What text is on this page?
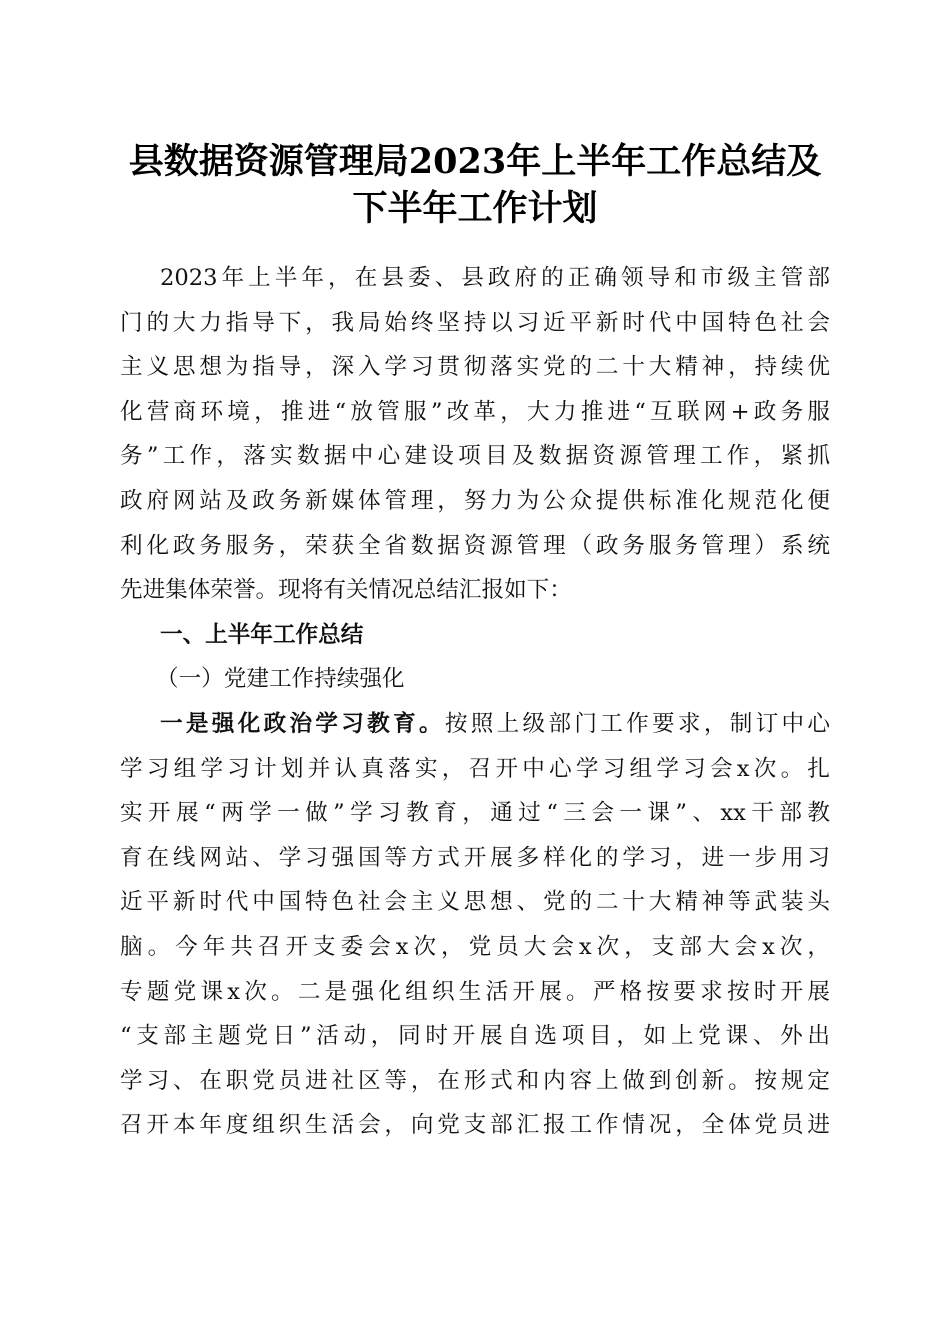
县数据资源管理局2023年上半年工作总结及
下半年工作计划
2023年上半年，在县委、县政府的正确领导和市级主管部
门的大力指导下，我局始终坚持以习近平新时代中国特色社会
主义思想为指导，深入学习贯彻落实党的二十大精神，持续优
化营商环境，推进“放管服”改革，大力推进“互联网+政务服
务”工作，落实数据中心建设项目及数据资源管理工作，紧抓
政府网站及政务新媒体管理，努力为公众提供标准化规范化便
利化政务服务，荣获全省数据资源管理（政务服务管理）系统
先进集体荣誉。现将有关情况总结汇报如下：
一、上半年工作总结
（一）党建工作持续强化
一是强化政治学习教育。按照上级部门工作要求，制订中心
学习组学习计划并认真落实，召开中心学习组学习会x次。扎
实开展“两学一做”学习教育，通过“三会一课”、xx干部教
育在线网站、学习强国等方式开展多样化的学习，进一步用习
近平新时代中国特色社会主义思想、党的二十大精神等武装头
脑。今年共召开支委会x次，党员大会x次，支部大会x次，
专题党课x次。二是强化组织生活开展。严格按要求按时开展
“支部主题党日”活动，同时开展自选项目，如上党课、外出
学习、在职党员进社区等，在形式和内容上做到创新。按规定
召开本年度组织生活会，向党支部汇报工作情况，全体党员进
